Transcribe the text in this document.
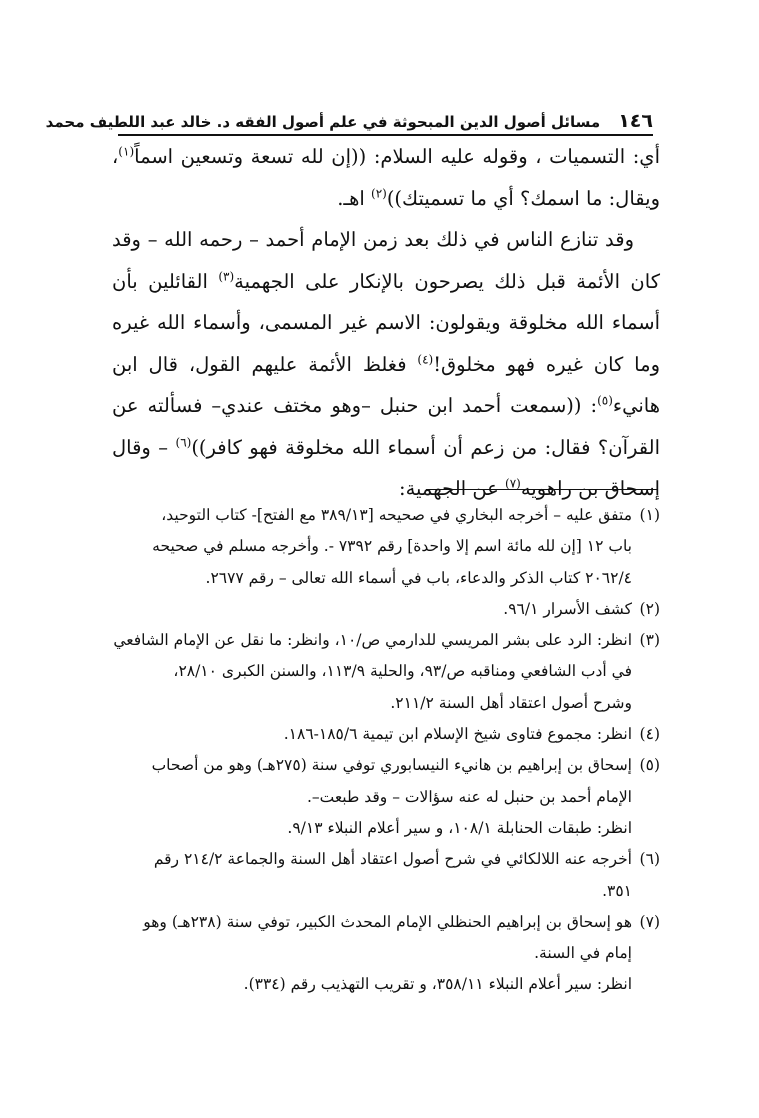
١٤٦
مسائل أصول الدين المبحوثة في علم أصول الفقه د. خالد عبد اللطيف محمد

أي: التسميات ، وقوله عليه السلام: ((إن لله تسعة وتسعين اسماً$^{(١)}$، ويقال: ما اسمك؟ أي ما تسميتك))$^{(٢)}$ اهـ.

وقد تنازع الناس في ذلك بعد زمن الإمام أحمد – رحمه الله – وقد كان الأئمة قبل ذلك يصرحون بالإنكار على الجهمية$^{(٣)}$ القائلين بأن أسماء الله مخلوقة ويقولون: الاسم غير المسمى، وأسماء الله غيره وما كان غيره فهو مخلوق!$^{(٤)}$ فغلظ الأئمة عليهم القول، قال ابن هانيء$^{(٥)}$: ((سمعت أحمد ابن حنبل –وهو مختف عندي– فسألته عن القرآن؟ فقال: من زعم أن أسماء الله مخلوقة فهو كافر))$^{(٦)}$ – وقال إسحاق بن راهويه$^{(٧)}$ عن الجهمية:

(١)
متفق عليه – أخرجه البخاري في صحيحه [٣٨٩/١٣ مع الفتح]- كتاب التوحيد،
باب ١٢ [إن لله مائة اسم إلا واحدة] رقم ٧٣٩٢ -. وأخرجه مسلم في صحيحه
٢٠٦٢/٤ كتاب الذكر والدعاء، باب في أسماء الله تعالى – رقم ٢٦٧٧.
(٢)
كشف الأسرار ٩٦/١.
(٣)
انظر: الرد على بشر المريسي للدارمي ص/١٠، وانظر: ما نقل عن الإمام الشافعي
في أدب الشافعي ومناقبه ص/٩٣، والحلية ١١٣/٩، والسنن الكبرى ٢٨/١٠،
وشرح أصول اعتقاد أهل السنة ٢١١/٢.
(٤)
انظر: مجموع فتاوى شيخ الإسلام ابن تيمية ١٨٥/٦-١٨٦.
(٥)
إسحاق بن إبراهيم بن هانيء النيسابوري توفي سنة (٢٧٥هـ) وهو من أصحاب
الإمام أحمد بن حنبل له عنه سؤالات – وقد طبعت–.
انظر: طبقات الحنابلة ١٠٨/١، و سير أعلام النبلاء ٩/١٣.
(٦)
أخرجه عنه اللالكائي في شرح أصول اعتقاد أهل السنة والجماعة ٢١٤/٢ رقم
٣٥١.
(٧)
هو إسحاق بن إبراهيم الحنظلي الإمام المحدث الكبير، توفي سنة (٢٣٨هـ) وهو
إمام في السنة.
انظر: سير أعلام النبلاء ٣٥٨/١١، و تقريب التهذيب رقم (٣٣٤).
